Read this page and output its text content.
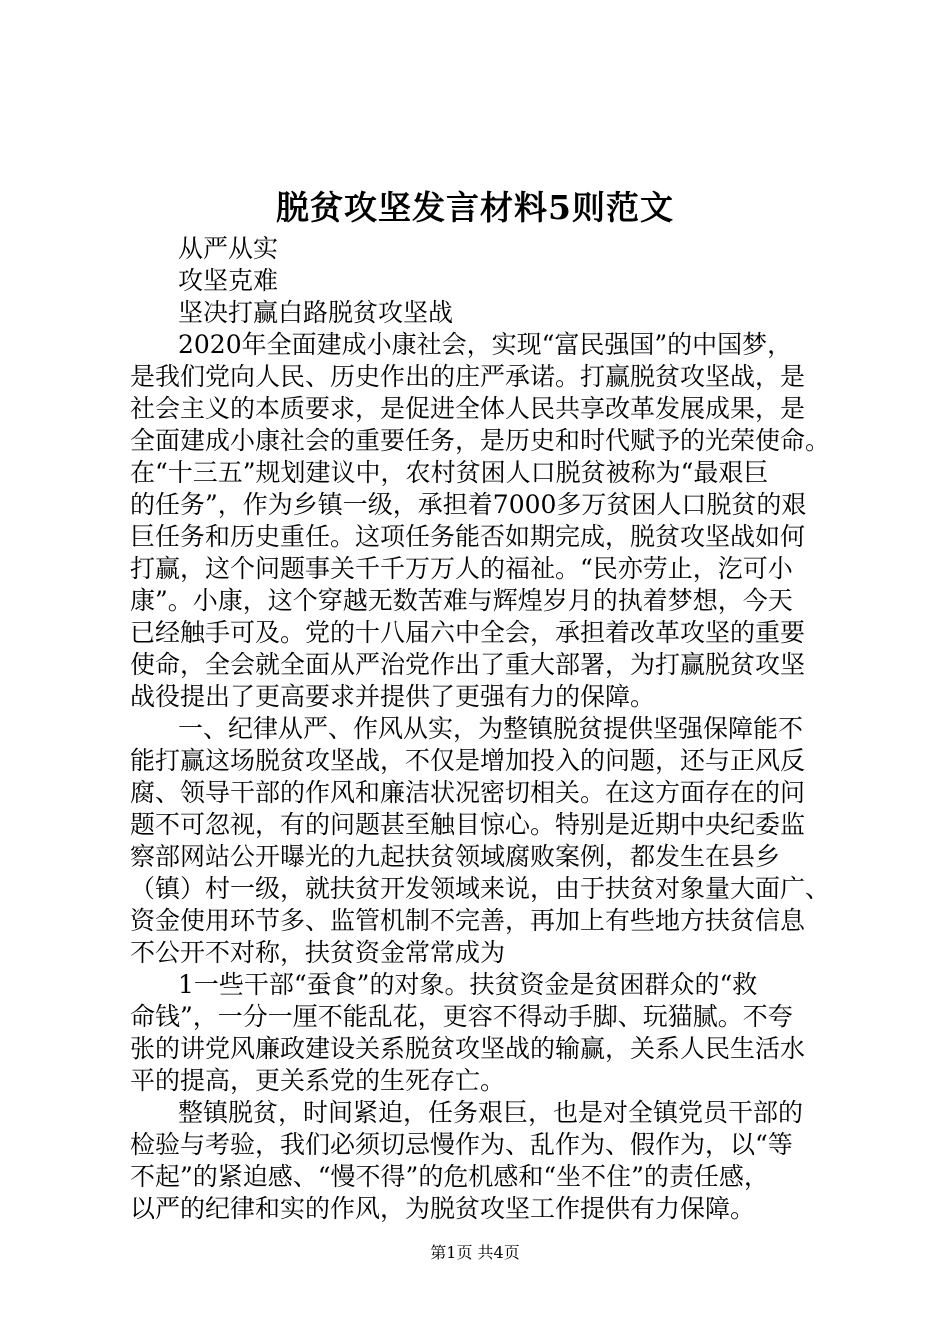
脱贫攻坚发言材料5则范文
从严从实
攻坚克难
坚决打赢白路脱贫攻坚战
2020年全面建成小康社会，实现“富民强国”的中国梦，
是我们党向人民、历史作出的庄严承诺。打赢脱贫攻坚战，是
社会主义的本质要求，是促进全体人民共享改革发展成果，是
全面建成小康社会的重要任务，是历史和时代赋予的光荣使命。
在“十三五”规划建议中，农村贫困人口脱贫被称为“最艰巨
的任务”，作为乡镇一级，承担着7000多万贫困人口脱贫的艰
巨任务和历史重任。这项任务能否如期完成，脱贫攻坚战如何
打赢，这个问题事关千千万万人的福祉。“民亦劳止，汔可小
康”。小康，这个穿越无数苦难与辉煌岁月的执着梦想，今天
已经触手可及。党的十八届六中全会，承担着改革攻坚的重要
使命，全会就全面从严治党作出了重大部署，为打赢脱贫攻坚
战役提出了更高要求并提供了更强有力的保障。
一、纪律从严、作风从实，为整镇脱贫提供坚强保障能不
能打赢这场脱贫攻坚战，不仅是增加投入的问题，还与正风反
腐、领导干部的作风和廉洁状况密切相关。在这方面存在的问
题不可忽视，有的问题甚至触目惊心。特别是近期中央纪委监
察部网站公开曝光的九起扶贫领域腐败案例，都发生在县乡
（镇）村一级，就扶贫开发领域来说，由于扶贫对象量大面广、
资金使用环节多、监管机制不完善，再加上有些地方扶贫信息
不公开不对称，扶贫资金常常成为
1一些干部“蚕食”的对象。扶贫资金是贫困群众的“救
命钱”，一分一厘不能乱花，更容不得动手脚、玩猫腻。不夸
张的讲党风廉政建设关系脱贫攻坚战的输赢，关系人民生活水
平的提高，更关系党的生死存亡。
整镇脱贫，时间紧迫，任务艰巨，也是对全镇党员干部的
检验与考验，我们必须切忌慢作为、乱作为、假作为，以“等
不起”的紧迫感、“慢不得”的危机感和“坐不住”的责任感，
以严的纪律和实的作风，为脱贫攻坚工作提供有力保障。
第1页 共4页
